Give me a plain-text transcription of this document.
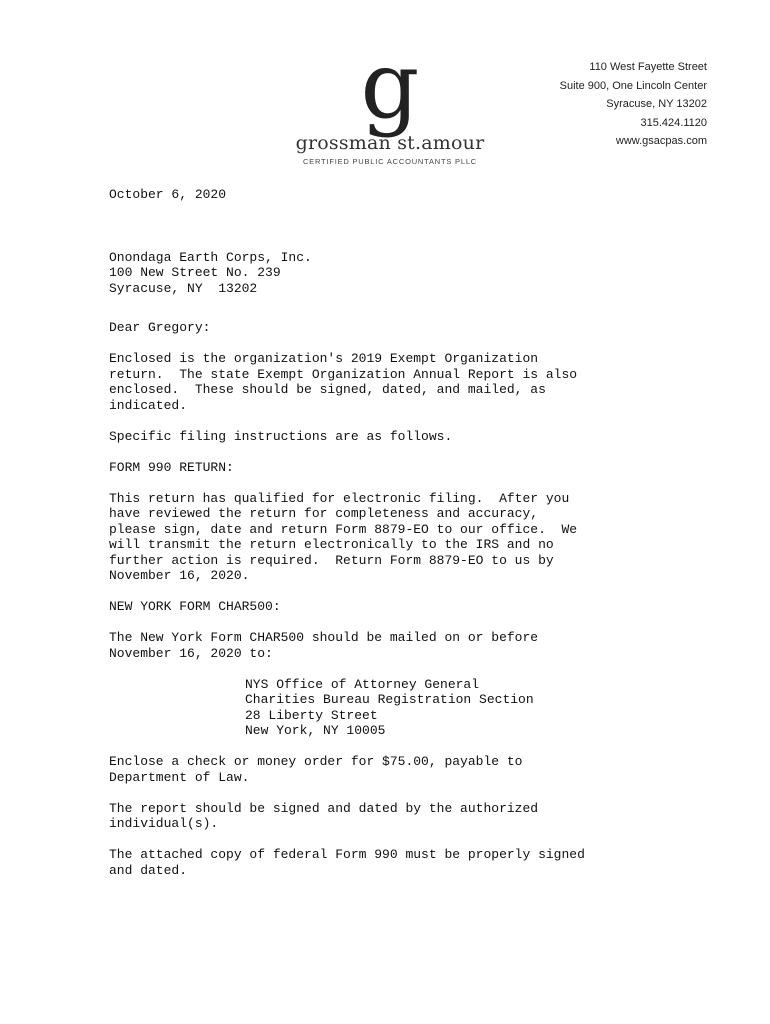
g
grossman st.amour
CERTIFIED PUBLIC ACCOUNTANTS PLLC
110 West Fayette Street
Suite 900, One Lincoln Center
Syracuse, NY 13202
315.424.1120
www.gsacpas.com
October 6, 2020
Onondaga Earth Corps, Inc.
100 New Street No. 239
Syracuse, NY  13202
Dear Gregory:
Enclosed is the organization's 2019 Exempt Organization
return.  The state Exempt Organization Annual Report is also
enclosed.  These should be signed, dated, and mailed, as
indicated.
Specific filing instructions are as follows.
FORM 990 RETURN:
This return has qualified for electronic filing.  After you
have reviewed the return for completeness and accuracy,
please sign, date and return Form 8879-EO to our office.  We
will transmit the return electronically to the IRS and no
further action is required.  Return Form 8879-EO to us by
November 16, 2020.
NEW YORK FORM CHAR500:
The New York Form CHAR500 should be mailed on or before
November 16, 2020 to:
NYS Office of Attorney General
Charities Bureau Registration Section
28 Liberty Street
New York, NY 10005
Enclose a check or money order for $75.00, payable to
Department of Law.
The report should be signed and dated by the authorized
individual(s).
The attached copy of federal Form 990 must be properly signed
and dated.
